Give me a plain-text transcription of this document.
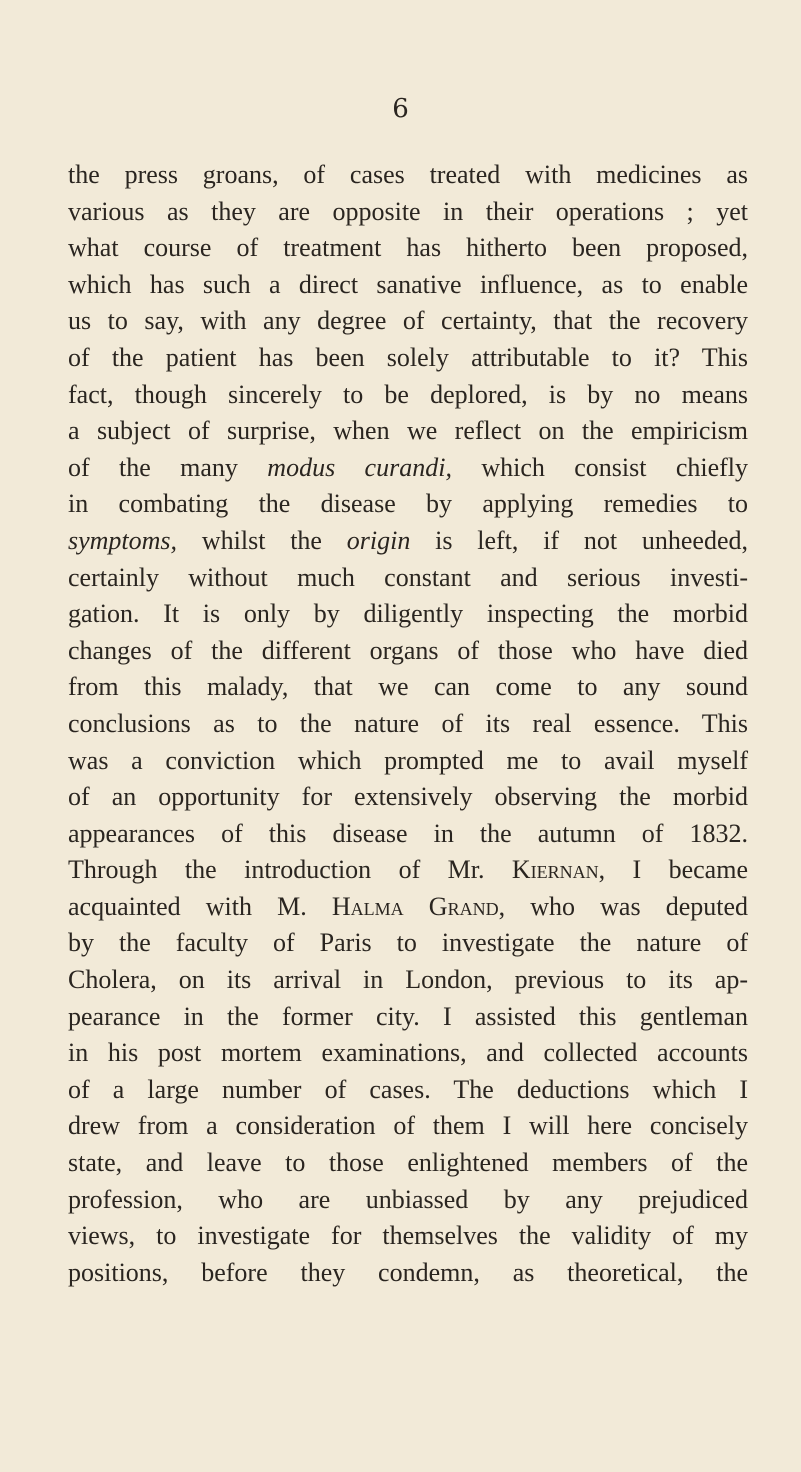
6
the press groans, of cases treated with medicines as
various as they are opposite in their operations ; yet
what course of treatment has hitherto been proposed,
which has such a direct sanative influence, as to enable
us to say, with any degree of certainty, that the recovery
of the patient has been solely attributable to it? This
fact, though sincerely to be deplored, is by no means
a subject of surprise, when we reflect on the empiricism
of the many modus curandi, which consist chiefly
in combating the disease by applying remedies to
symptoms, whilst the origin is left, if not unheeded,
certainly without much constant and serious investi-
gation. It is only by diligently inspecting the morbid
changes of the different organs of those who have died
from this malady, that we can come to any sound
conclusions as to the nature of its real essence. This
was a conviction which prompted me to avail myself
of an opportunity for extensively observing the morbid
appearances of this disease in the autumn of 1832.
Through the introduction of Mr. Kiernan, I became
acquainted with M. Halma Grand, who was deputed
by the faculty of Paris to investigate the nature of
Cholera, on its arrival in London, previous to its ap-
pearance in the former city. I assisted this gentleman
in his post mortem examinations, and collected accounts
of a large number of cases. The deductions which I
drew from a consideration of them I will here concisely
state, and leave to those enlightened members of the
profession, who are unbiassed by any prejudiced
views, to investigate for themselves the validity of my
positions, before they condemn, as theoretical, the
